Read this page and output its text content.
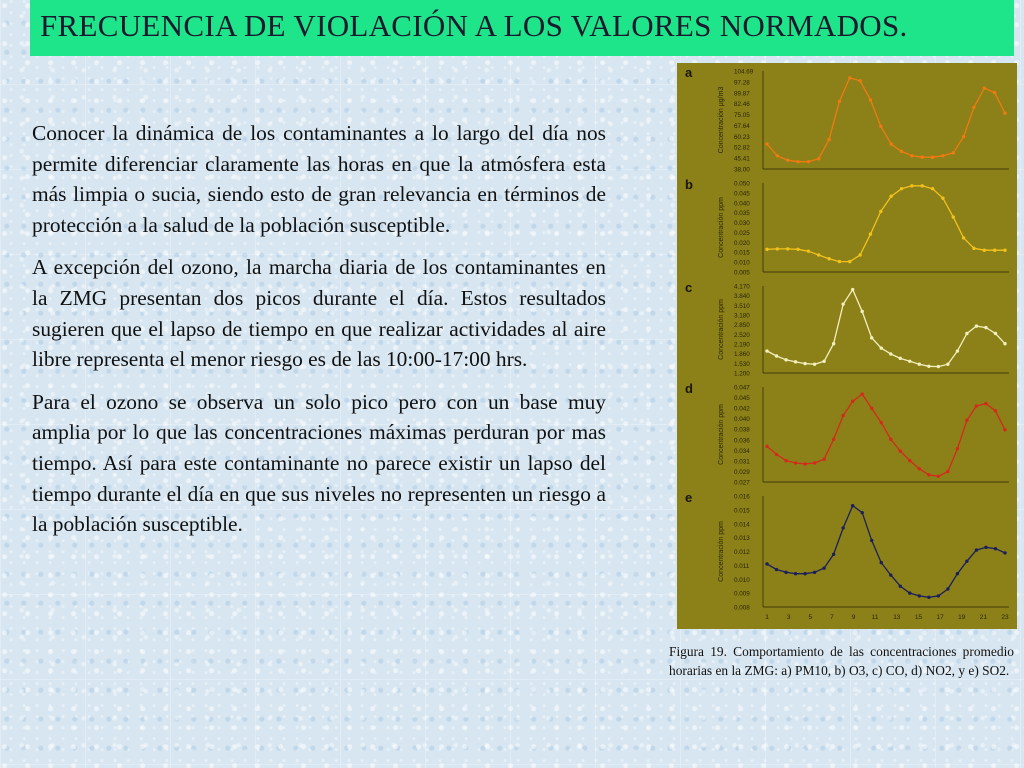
FRECUENCIA DE VIOLACIÓN A LOS VALORES NORMADOS.

Conocer la dinámica de los contaminantes a lo largo del día nos permite diferenciar claramente las horas en que la atmósfera esta más limpia o sucia, siendo esto de gran relevancia en términos de protección a la salud de la población susceptible.

A excepción del ozono, la marcha diaria de los contaminantes en la ZMG presentan dos picos durante el día. Estos resultados sugieren que el lapso de tiempo en que realizar actividades al aire libre representa el menor riesgo es de las 10:00-17:00 hrs.

Para el ozono se observa un solo pico pero con un base muy amplia por lo que las concentraciones máximas perduran por mas tiempo. Así para este contaminante no parece existir un lapso del tiempo durante el día en que sus niveles no representen un riesgo a la población susceptible.

a
Concentración μg/m3
104.69
97.28
89.87
82.46
75.05
67.64
60.23
52.82
45.41
38.00
b
Concentración ppm
0.050
0.045
0.040
0.035
0.030
0.025
0.020
0.015
0.010
0.005
c
Concentración ppm
4.170
3.840
3.510
3.180
2.850
2.520
2.190
1.860
1.530
1.200
d
Concentración ppm
0.047
0.045
0.042
0.040
0.038
0.036
0.034
0.031
0.029
0.027
e
Concentración ppm
0.016
0.015
0.014
0.013
0.012
0.011
0.010
0.009
0.008
1	3	5	7	9	11 13 15 17 19 21 23
Figura 19. Comportamiento de las concentraciones promedio horarias en la ZMG: a) PM10, b) O3, c) CO, d) NO2, y e) SO2.
